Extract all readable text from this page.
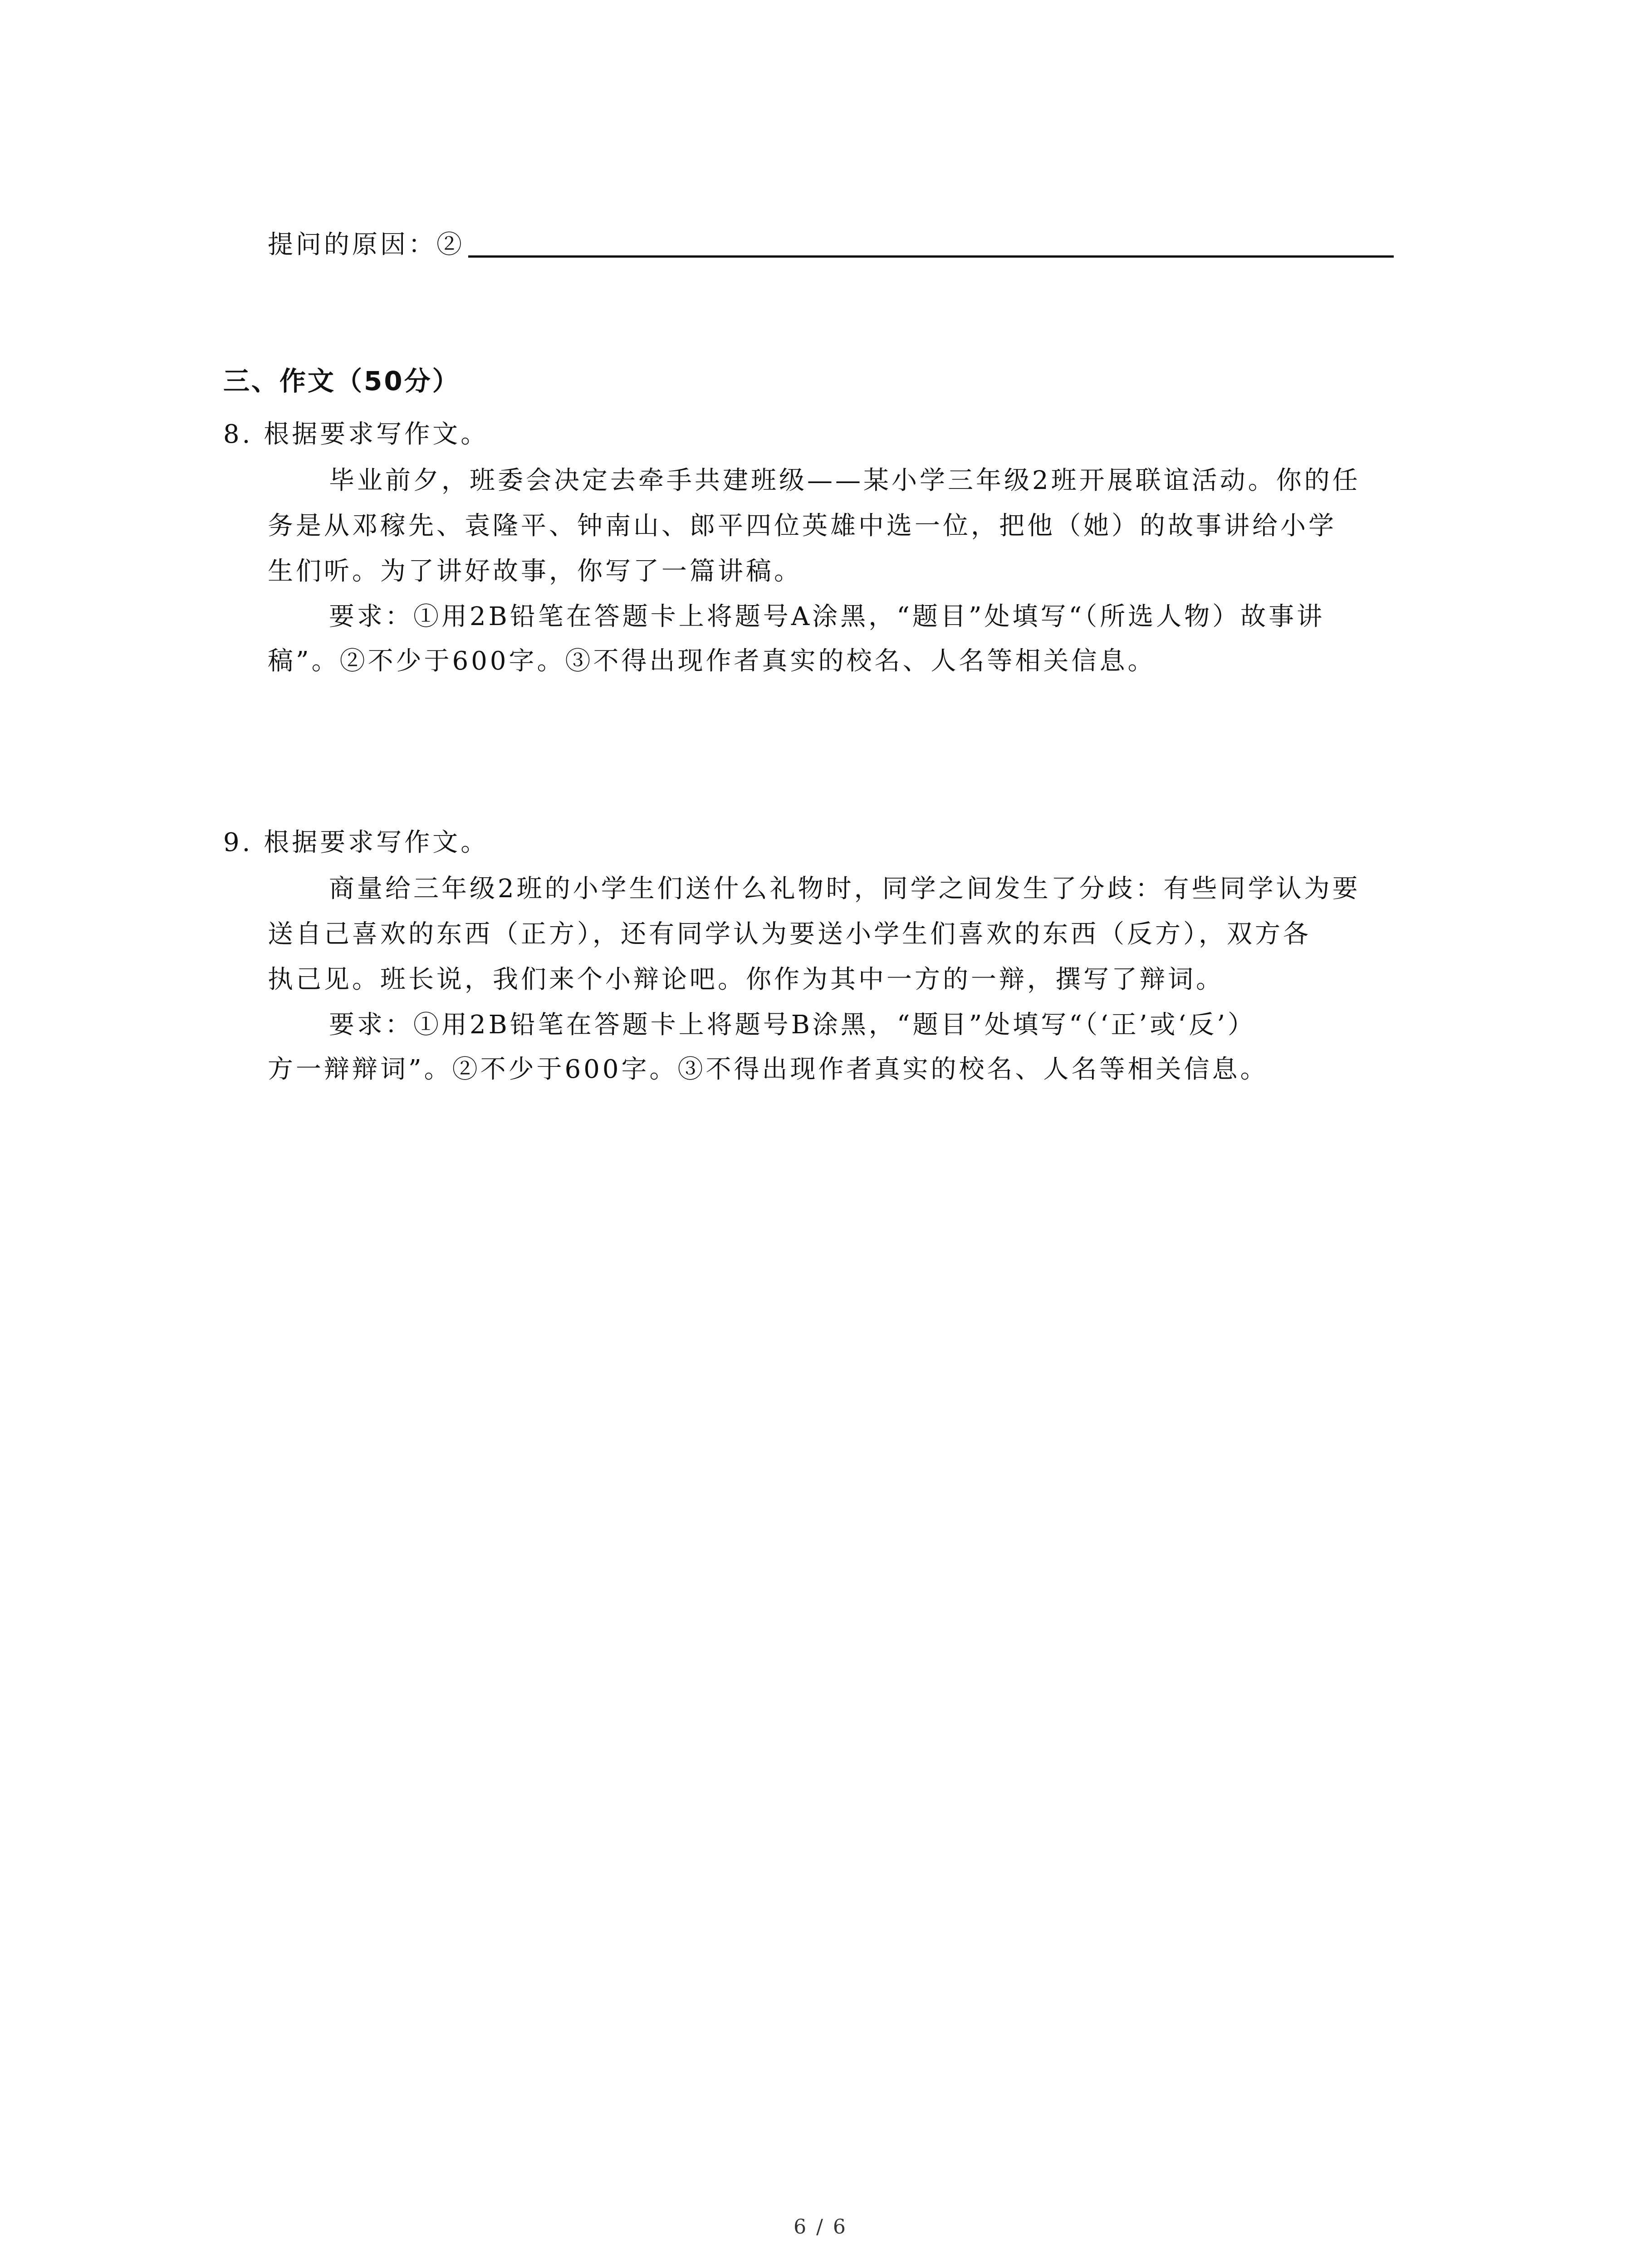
提问的原因：②
三、作文（50分）
8. 根据要求写作文。
毕业前夕，班委会决定去牵手共建班级——某小学三年级2班开展联谊活动。你的任
务是从邓稼先、袁隆平、钟南山、郎平四位英雄中选一位，把他（她）的故事讲给小学
生们听。为了讲好故事，你写了一篇讲稿。
要求：①用2B铅笔在答题卡上将题号A涂黑，“题目”处填写“（所选人物）故事讲
稿”。②不少于600字。③不得出现作者真实的校名、人名等相关信息。
9. 根据要求写作文。
商量给三年级2班的小学生们送什么礼物时，同学之间发生了分歧：有些同学认为要
送自己喜欢的东西（正方），还有同学认为要送小学生们喜欢的东西（反方），双方各
执己见。班长说，我们来个小辩论吧。你作为其中一方的一辩，撰写了辩词。
要求：①用2B铅笔在答题卡上将题号B涂黑，“题目”处填写“（‘正’或‘反’）
方一辩辩词”。②不少于600字。③不得出现作者真实的校名、人名等相关信息。
6 / 6
